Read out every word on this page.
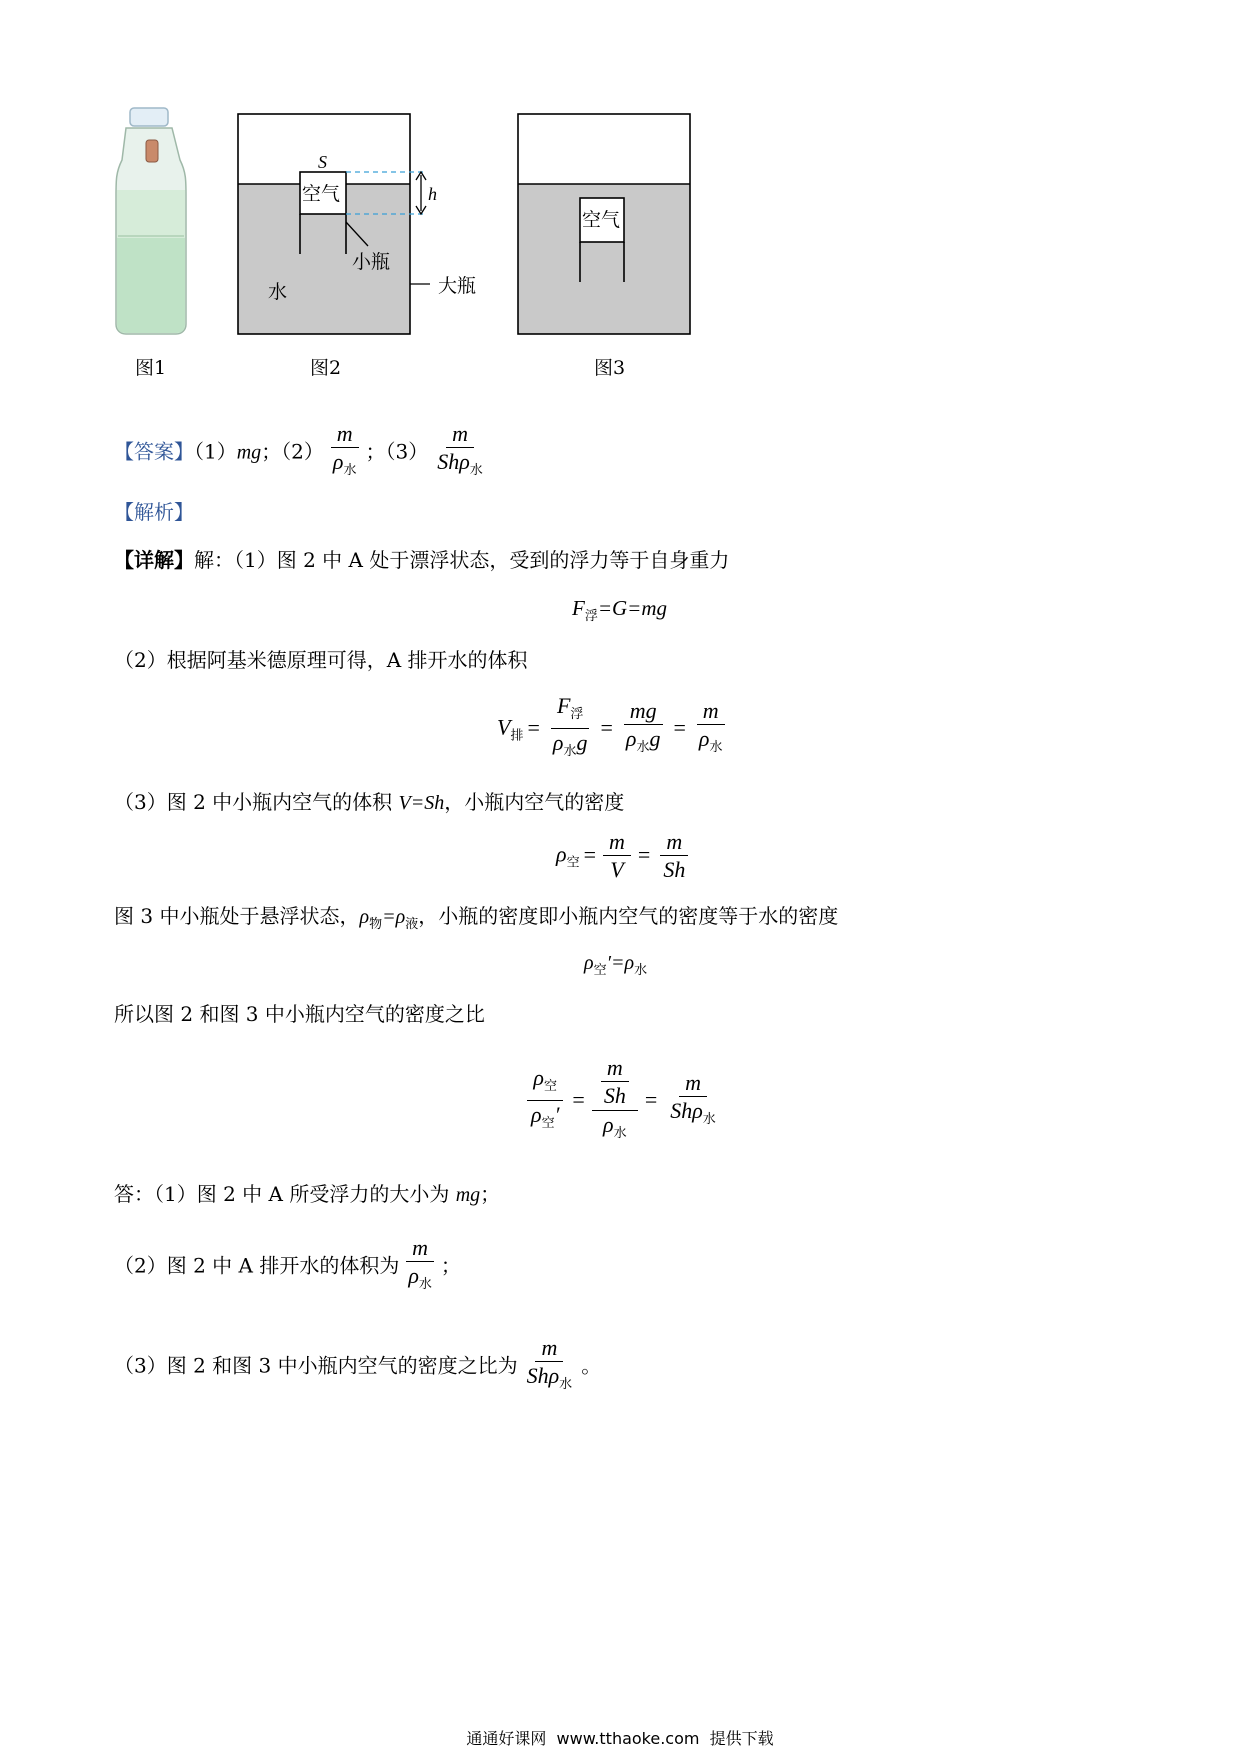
图1
S
空气	h
小瓶
水	大瓶
图2
空气
图3
【答案】（1）mg；$(2) \frac{m}{\rho_水}$ ；$(3) \frac{m}{Sh\rho_水}$
【解析】
【详解】解：（1）图 2 中 A 处于漂浮状态，受到的浮力等于自身重力
$F_浮=G=mg$
（2）根据阿基米德原理可得，A 排开水的体积
$V_排 = \frac{F_浮}{\rho_水g} = \frac{mg}{\rho_水g} = \frac{m}{\rho_水}$
（3）图 2 中小瓶内空气的体积 V=Sh，小瓶内空气的密度
$\rho_空 = \frac{m}{V} = \frac{m}{Sh}$
图 3 中小瓶处于悬浮状态，$\rho_物=\rho_液$，小瓶的密度即小瓶内空气的密度等于水的密度
$\rho_空'=\rho_水$
所以图 2 和图 3 中小瓶内空气的密度之比
$\frac{\rho_空}{\rho_空'} = \frac{\frac{m}{Sh}}{\rho_水} = \frac{m}{Sh\rho_水}$
答：（1）图 2 中 A 所受浮力的大小为 mg；
（2）图 2 中 A 排开水的体积为 $\frac{m}{\rho_水}$ ；
（3）图 2 和图 3 中小瓶内空气的密度之比为 $\frac{m}{Sh\rho_水}$ 。
通通好课网  www.tthaoke.com  提供下载
